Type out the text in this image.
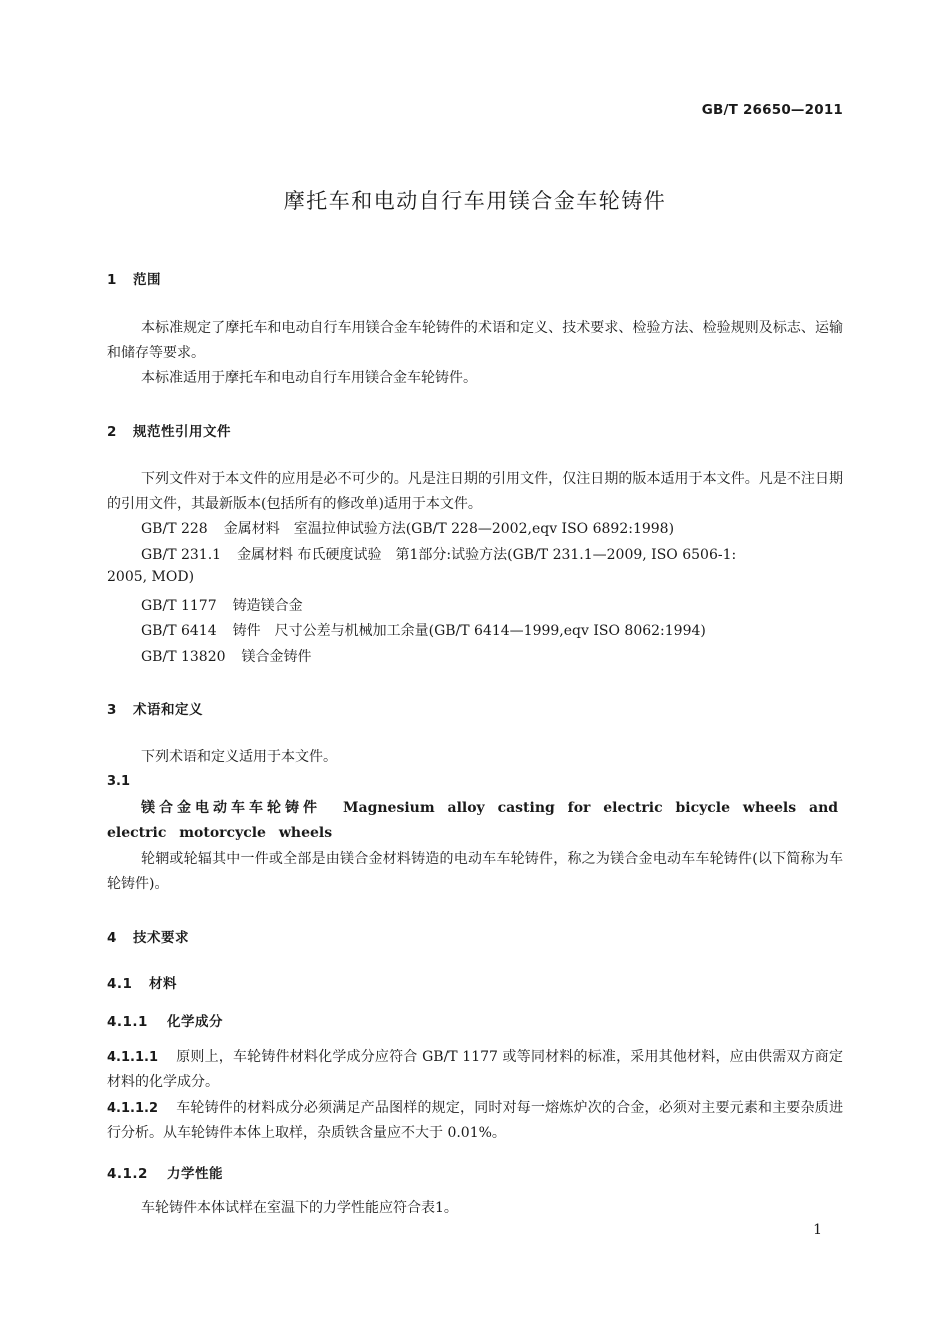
GB/T 26650—2011
摩托车和电动自行车用镁合金车轮铸件
1 范围
本标准规定了摩托车和电动自行车用镁合金车轮铸件的术语和定义、技术要求、检验方法、检验规则及标志、运输和储存等要求。
本标准适用于摩托车和电动自行车用镁合金车轮铸件。
2 规范性引用文件
下列文件对于本文件的应用是必不可少的。凡是注日期的引用文件，仅注日期的版本适用于本文件。凡是不注日期的引用文件，其最新版本(包括所有的修改单)适用于本文件。
GB/T 228 金属材料　室温拉伸试验方法(GB/T 228—2002,eqv ISO 6892:1998)
GB/T 231.1 金属材料 布氏硬度试验　第1部分:试验方法(GB/T 231.1—2009, ISO 6506-1:
2005, MOD)
GB/T 1177 铸造镁合金
GB/T 6414 铸件　尺寸公差与机械加工余量(GB/T 6414—1999,eqv ISO 8062:1994)
GB/T 13820 镁合金铸件
3 术语和定义
下列术语和定义适用于本文件。
3.1
镁合金电动车车轮铸件 Magnesium alloy casting for electric bicycle wheels and electric motorcycle wheels
轮辋或轮辐其中一件或全部是由镁合金材料铸造的电动车车轮铸件，称之为镁合金电动车车轮铸件(以下简称为车轮铸件)。
4 技术要求
4.1 材料
4.1.1 化学成分
4.1.1.1 原则上，车轮铸件材料化学成分应符合 GB/T 1177 或等同材料的标准，采用其他材料，应由供需双方商定材料的化学成分。
4.1.1.2 车轮铸件的材料成分必须满足产品图样的规定，同时对每一熔炼炉次的合金，必须对主要元素和主要杂质进行分析。从车轮铸件本体上取样，杂质铁含量应不大于 0.01%。
4.1.2 力学性能
车轮铸件本体试样在室温下的力学性能应符合表1。
1
